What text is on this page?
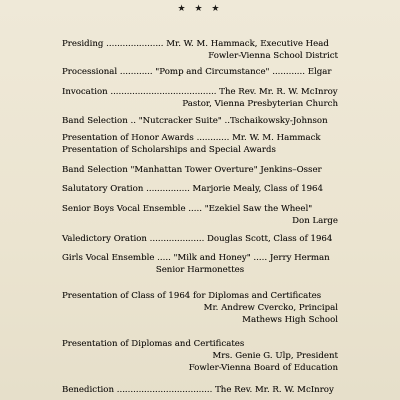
★ ★ ★
Presiding ..................... Mr. W. M. Hammack, Executive Head
Fowler-Vienna School District
Processional ............ "Pomp and Circumstance" ............ Elgar
Invocation ....................................... The Rev. Mr. R. W. McInroy
Pastor, Vienna Presbyterian Church
Band Selection .. "Nutcracker Suite" ..Tschaikowsky-Johnson
Presentation of Honor Awards ............ Mr. W. M. Hammack
Presentation of Scholarships and Special Awards
Band Selection "Manhattan Tower Overture" Jenkins–Osser
Salutatory Oration ................ Marjorie Mealy, Class of 1964
Senior Boys Vocal Ensemble ..... "Ezekiel Saw the Wheel"
Don Large
Valedictory Oration .................... Douglas Scott, Class of 1964
Girls Vocal Ensemble ..... "Milk and Honey" ..... Jerry Herman
Senior Harmonettes
Presentation of Class of 1964 for Diplomas and Certificates
Mr. Andrew Cvercko, Principal
Mathews High School
Presentation of Diplomas and Certificates
Mrs. Genie G. Ulp, President
Fowler-Vienna Board of Education
Benediction ................................... The Rev. Mr. R. W. McInroy
